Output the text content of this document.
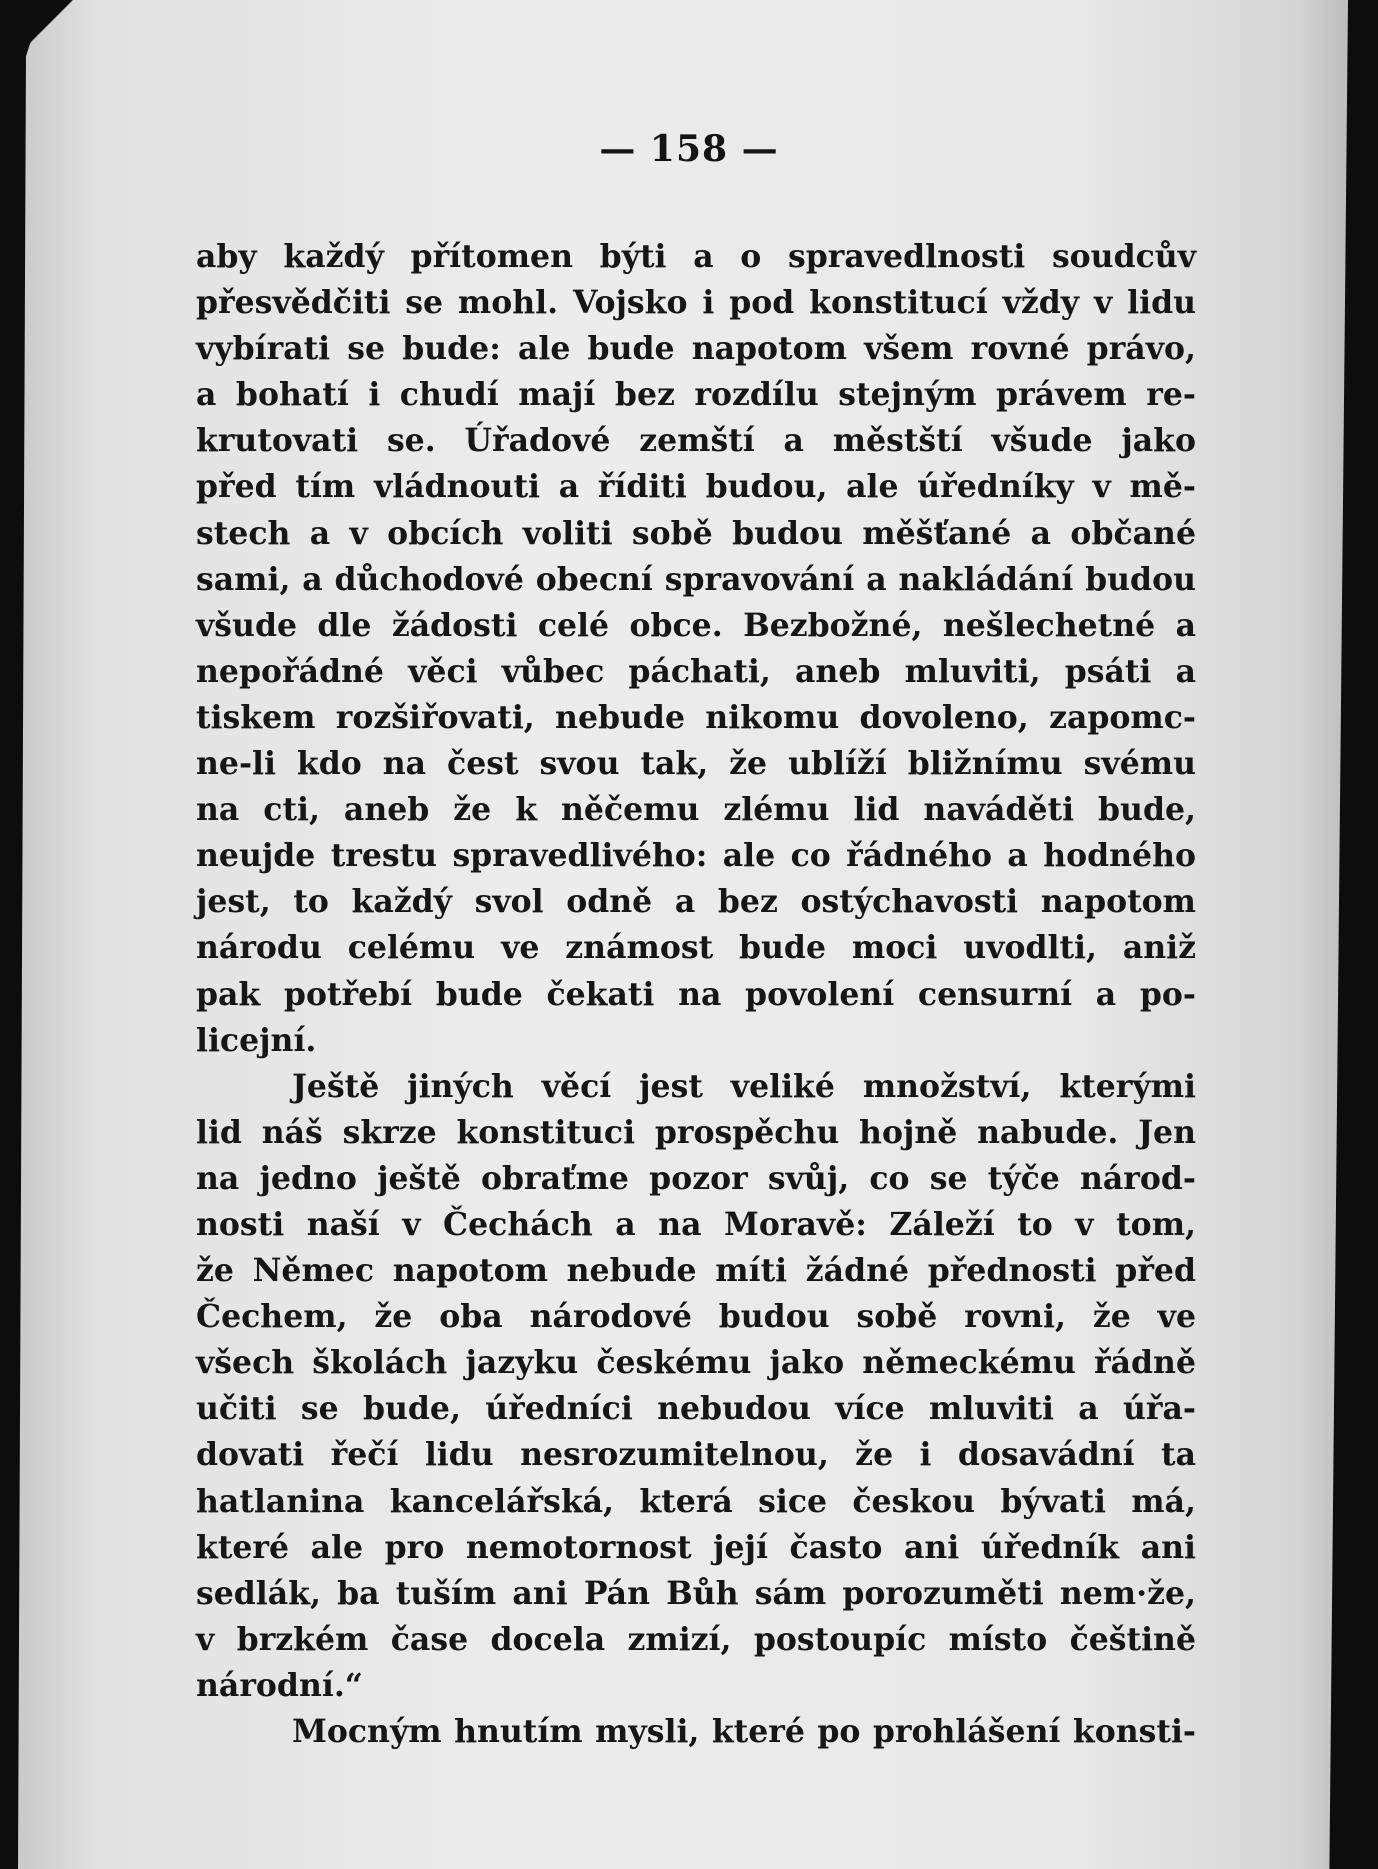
— 158 —
aby každý přítomen býti a o spravedlnosti soudcův
přesvědčiti se mohl. Vojsko i pod konstitucí vždy v lidu
vybírati se bude: ale bude napotom všem rovné právo,
a bohatí i chudí mají bez rozdílu stejným právem re-
krutovati se. Úřadové zemští a městští všude jako
před tím vládnouti a říditi budou, ale úředníky v mě-
stech a v obcích voliti sobě budou měšťané a občané
sami, a důchodové obecní spravování a nakládání budou
všude dle žádosti celé obce. Bezbožné, nešlechetné a
nepořádné věci vůbec páchati, aneb mluviti, psáti a
tiskem rozšiřovati, nebude nikomu dovoleno, zapomc-
ne-li kdo na čest svou tak, že ublíží bližnímu svému
na cti, aneb že k něčemu zlému lid naváděti bude,
neujde trestu spravedlivého: ale co řádného a hodného
jest, to každý svol odně a bez ostýchavosti napotom
národu celému ve známost bude moci uvodlti, aniž
pak potřebí bude čekati na povolení censurní a po-
licejní.
Ještě jiných věcí jest veliké množství, kterými
lid náš skrze konstituci prospěchu hojně nabude. Jen
na jedno ještě obraťme pozor svůj, co se týče národ-
nosti naší v Čechách a na Moravě: Záleží to v tom,
že Němec napotom nebude míti žádné přednosti před
Čechem, že oba národové budou sobě rovni, že ve
všech školách jazyku českému jako německému řádně
učiti se bude, úředníci nebudou více mluviti a úřa-
dovati řečí lidu nesrozumitelnou, že i dosavádní ta
hatlanina kancelářská, která sice českou bývati má,
které ale pro nemotornost její často ani úředník ani
sedlák, ba tuším ani Pán Bůh sám porozuměti nem·že,
v brzkém čase docela zmizí, postoupíc místo češtině
národní.“
Mocným hnutím mysli, které po prohlášení konsti-
